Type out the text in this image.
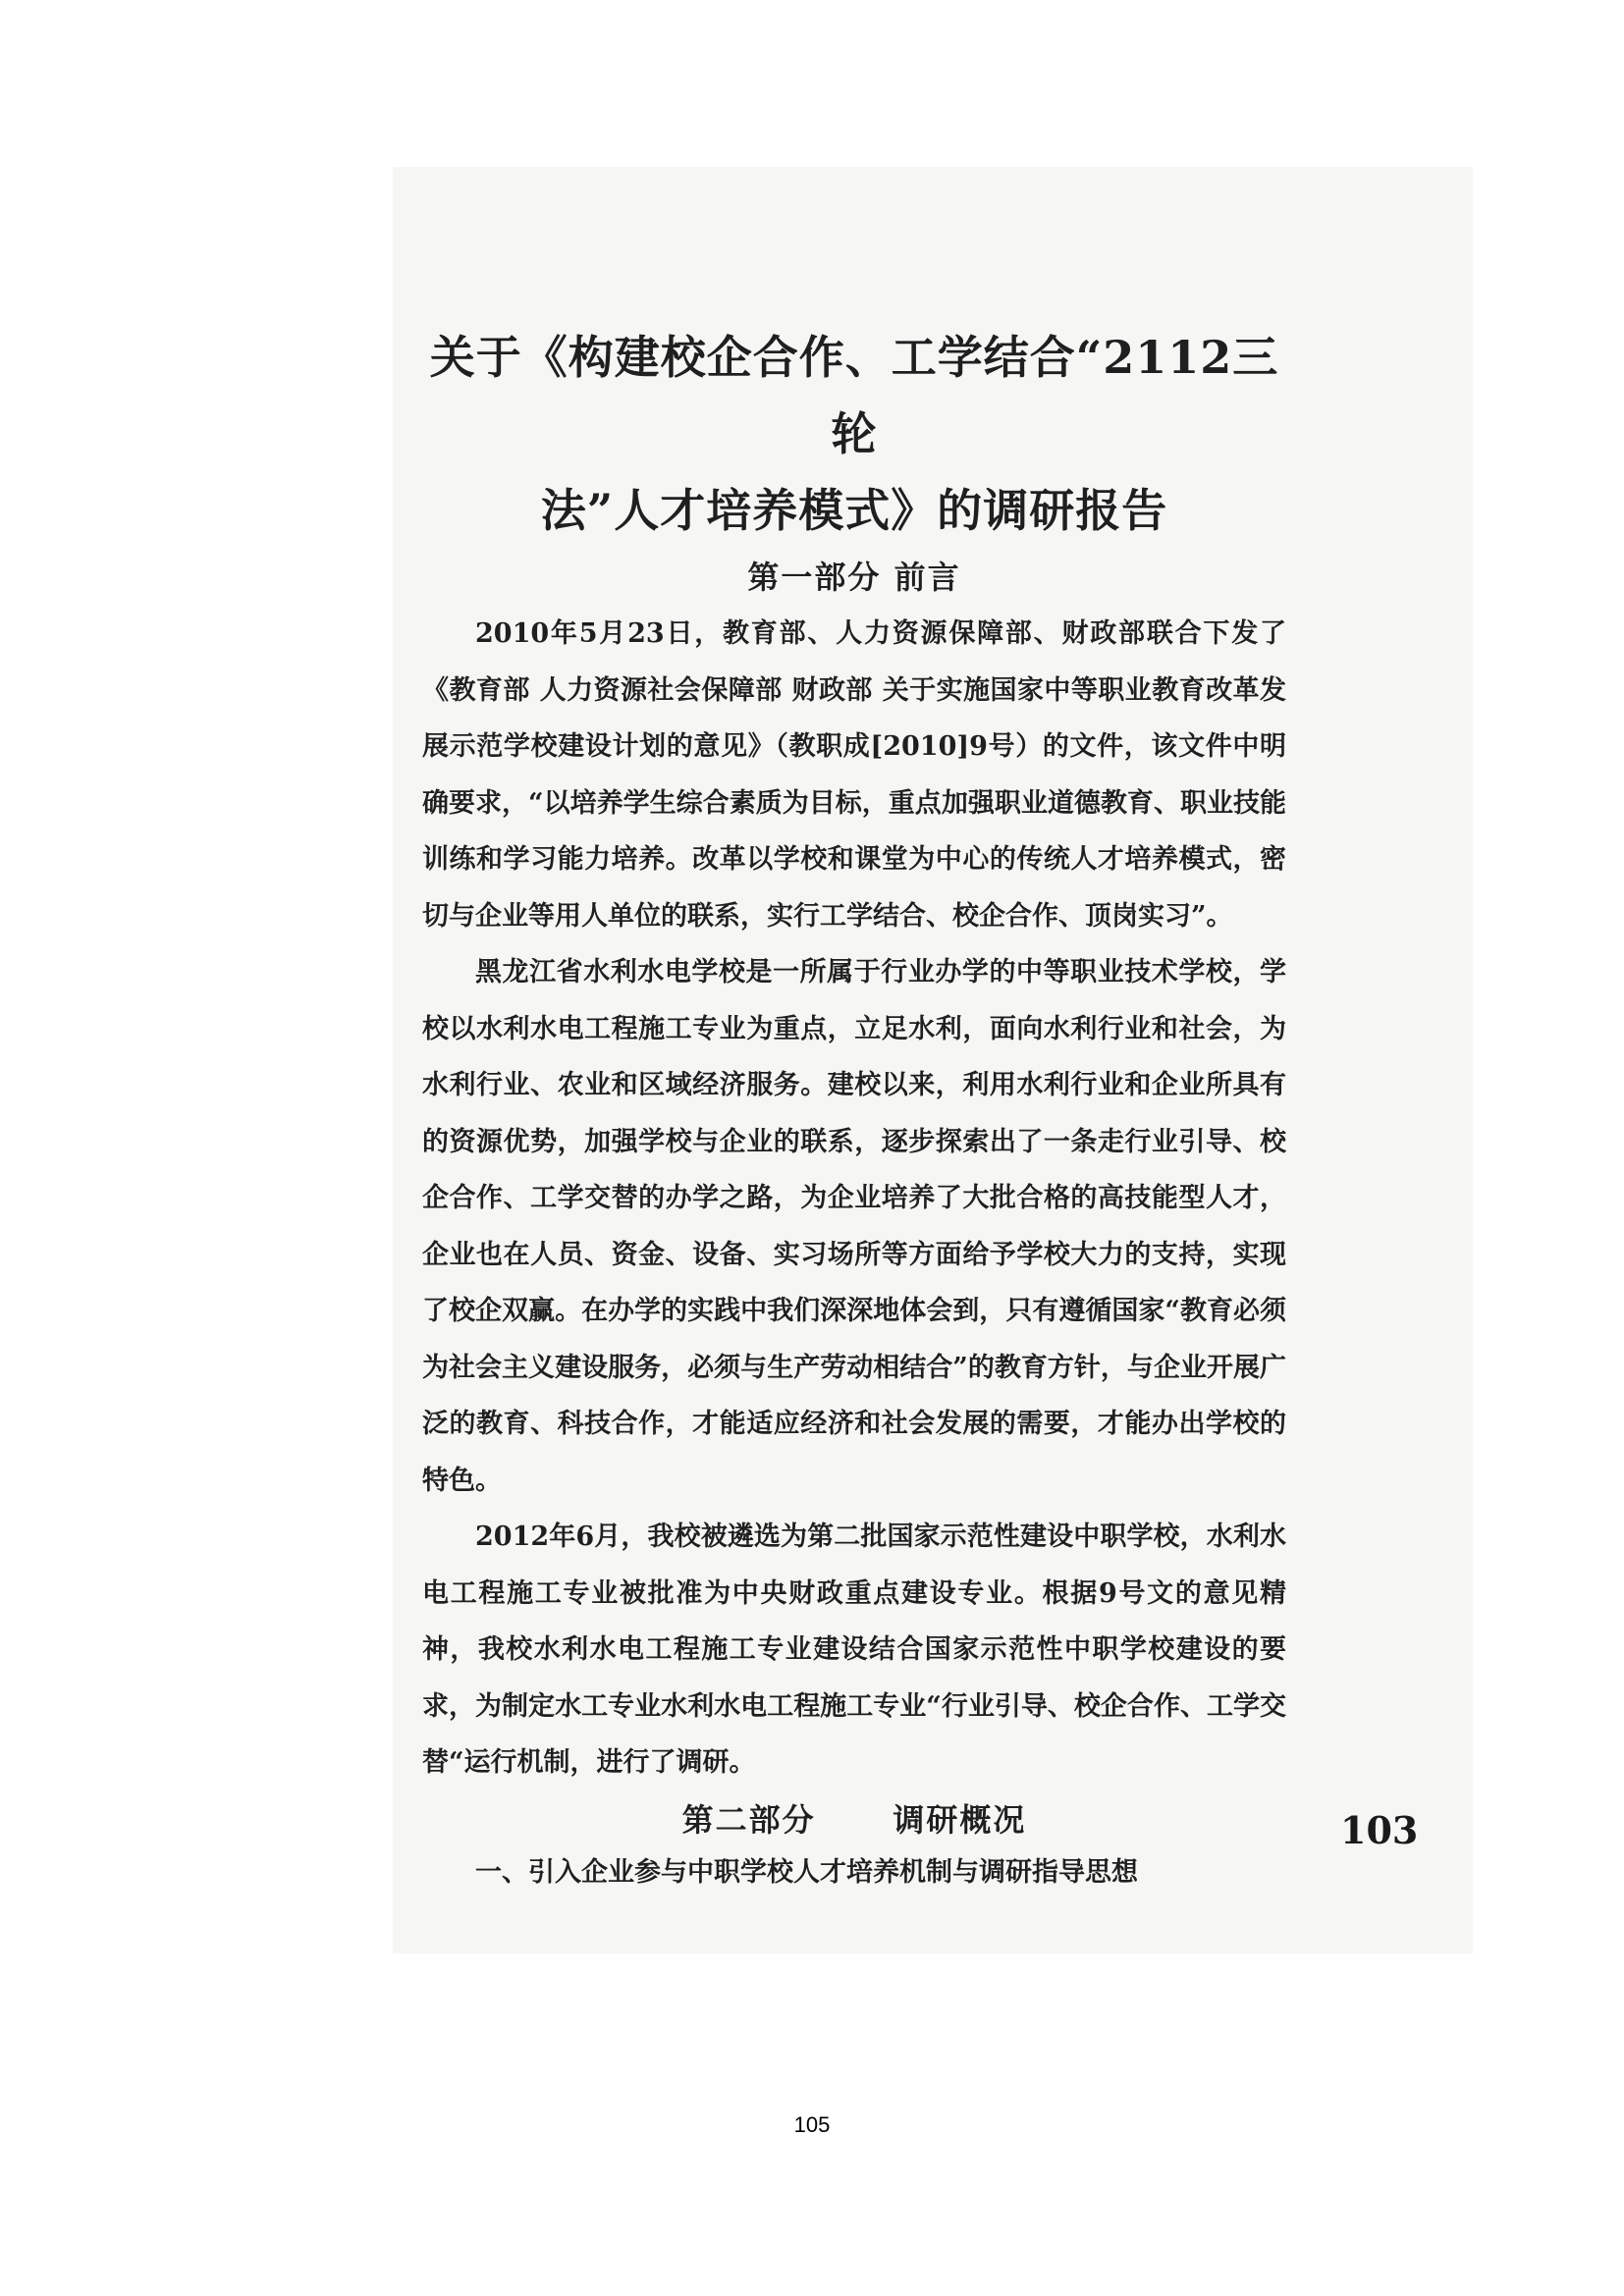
关于《构建校企合作、工学结合“2112三轮
法”人才培养模式》的调研报告
第一部分 前言

2010年5月23日，教育部、人力资源保障部、财政部联合下发了《教育部 人力资源社会保障部 财政部 关于实施国家中等职业教育改革发展示范学校建设计划的意见》（教职成[2010]9号）的文件，该文件中明确要求，“以培养学生综合素质为目标，重点加强职业道德教育、职业技能训练和学习能力培养。改革以学校和课堂为中心的传统人才培养模式，密切与企业等用人单位的联系，实行工学结合、校企合作、顶岗实习”。

黑龙江省水利水电学校是一所属于行业办学的中等职业技术学校，学校以水利水电工程施工专业为重点，立足水利，面向水利行业和社会，为水利行业、农业和区域经济服务。建校以来，利用水利行业和企业所具有的资源优势，加强学校与企业的联系，逐步探索出了一条走行业引导、校企合作、工学交替的办学之路，为企业培养了大批合格的高技能型人才，企业也在人员、资金、设备、实习场所等方面给予学校大力的支持，实现了校企双赢。在办学的实践中我们深深地体会到，只有遵循国家“教育必须为社会主义建设服务，必须与生产劳动相结合”的教育方针，与企业开展广泛的教育、科技合作，才能适应经济和社会发展的需要，才能办出学校的特色。

2012年6月，我校被遴选为第二批国家示范性建设中职学校，水利水电工程施工专业被批准为中央财政重点建设专业。根据9号文的意见精神，我校水利水电工程施工专业建设结合国家示范性中职学校建设的要求，为制定水工专业水利水电工程施工专业“行业引导、校企合作、工学交替“运行机制，进行了调研。

第二部分      调研概况

一、引入企业参与中职学校人才培养机制与调研指导思想

103
105
